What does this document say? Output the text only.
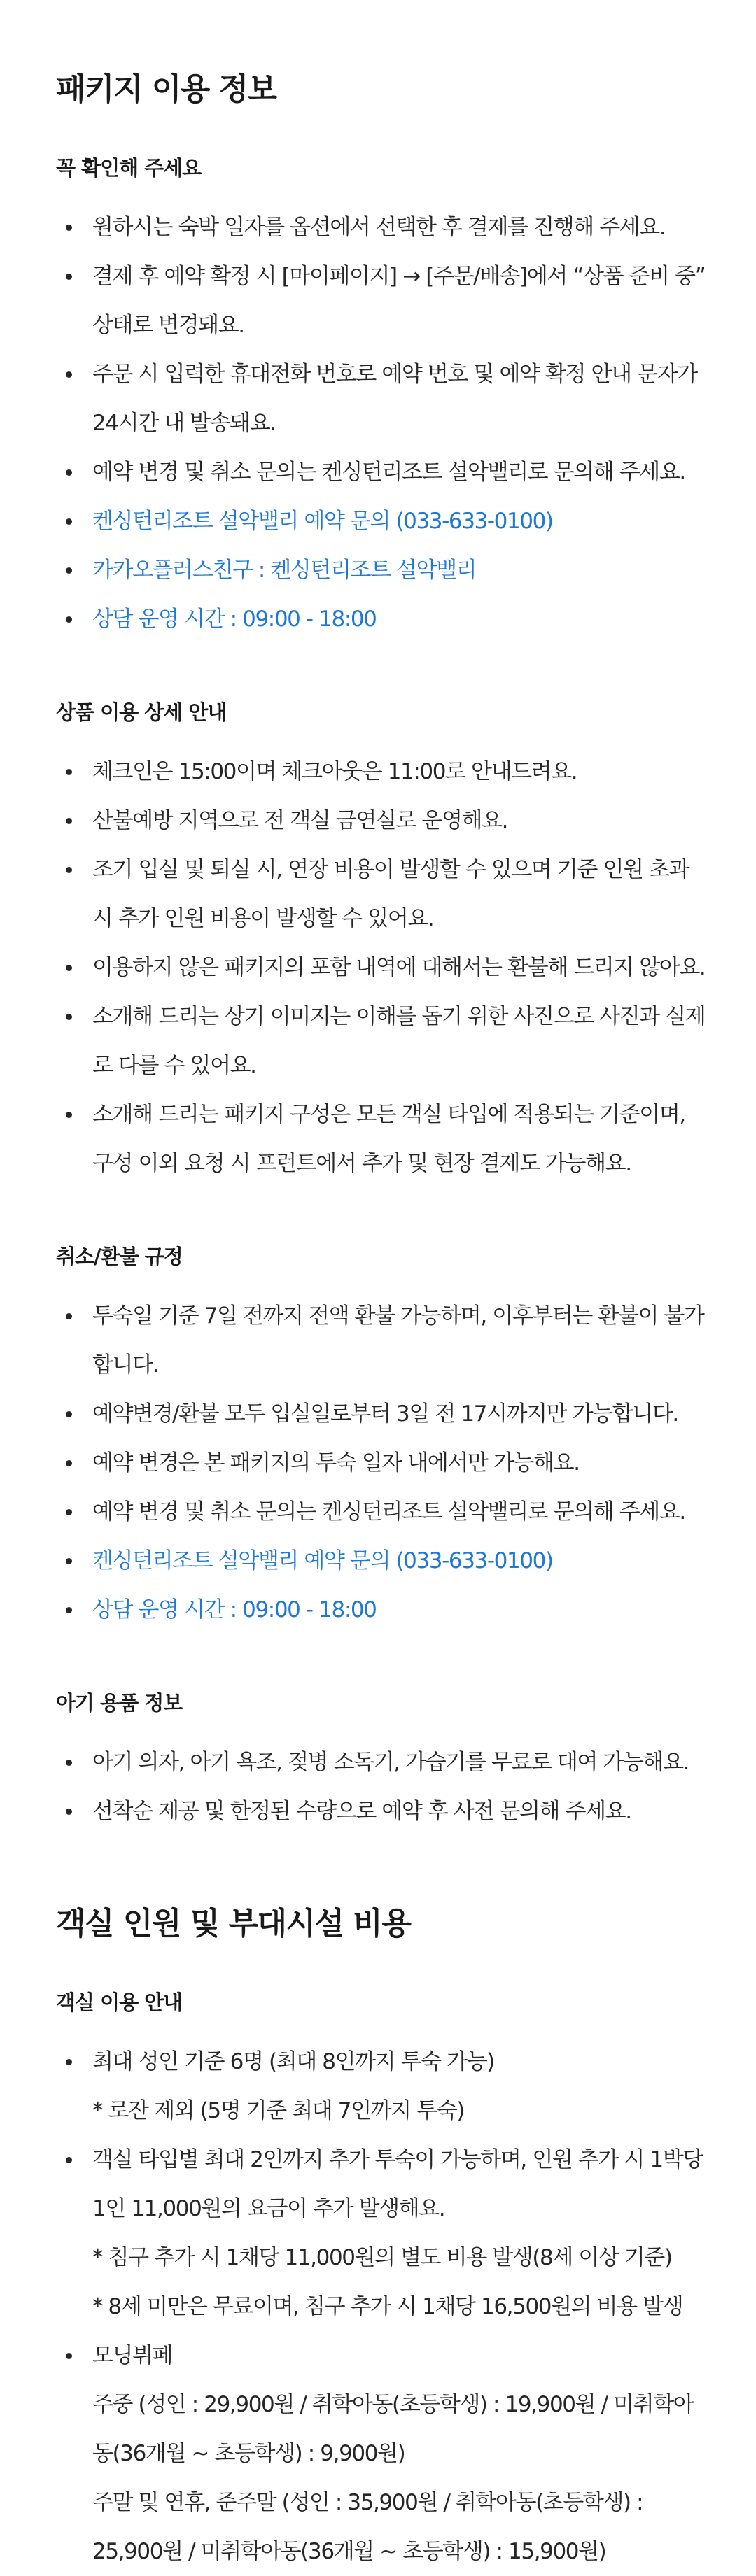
패키지 이용 정보
꼭 확인해 주세요
원하시는 숙박 일자를 옵션에서 선택한 후 결제를 진행해 주세요.
결제 후 예약 확정 시 [마이페이지] → [주문/배송]에서 “상품 준비 중” 상태로 변경돼요.
주문 시 입력한 휴대전화 번호로 예약 번호 및 예약 확정 안내 문자가 24시간 내 발송돼요.
예약 변경 및 취소 문의는 켄싱턴리조트 설악밸리로 문의해 주세요.
켄싱턴리조트 설악밸리 예약 문의 (033-633-0100)
카카오플러스친구 : 켄싱턴리조트 설악밸리
상담 운영 시간 : 09:00 - 18:00
상품 이용 상세 안내
체크인은 15:00이며 체크아웃은 11:00로 안내드려요.
산불예방 지역으로 전 객실 금연실로 운영해요.
조기 입실 및 퇴실 시, 연장 비용이 발생할 수 있으며 기준 인원 초과 시 추가 인원 비용이 발생할 수 있어요.
이용하지 않은 패키지의 포함 내역에 대해서는 환불해 드리지 않아요.
소개해 드리는 상기 이미지는 이해를 돕기 위한 사진으로 사진과 실제로 다를 수 있어요.
소개해 드리는 패키지 구성은 모든 객실 타입에 적용되는 기준이며, 구성 이외 요청 시 프런트에서 추가 및 현장 결제도 가능해요.
취소/환불 규정
투숙일 기준 7일 전까지 전액 환불 가능하며, 이후부터는 환불이 불가합니다.
예약변경/환불 모두 입실일로부터 3일 전 17시까지만 가능합니다.
예약 변경은 본 패키지의 투숙 일자 내에서만 가능해요.
예약 변경 및 취소 문의는 켄싱턴리조트 설악밸리로 문의해 주세요.
켄싱턴리조트 설악밸리 예약 문의 (033-633-0100)
상담 운영 시간 : 09:00 - 18:00
아기 용품 정보
아기 의자, 아기 욕조, 젖병 소독기, 가습기를 무료로 대여 가능해요.
선착순 제공 및 한정된 수량으로 예약 후 사전 문의해 주세요.
객실 인원 및 부대시설 비용
객실 이용 안내
최대 성인 기준 6명 (최대 8인까지 투숙 가능)
* 로잔 제외 (5명 기준 최대 7인까지 투숙)
객실 타입별 최대 2인까지 추가 투숙이 가능하며, 인원 추가 시 1박당 1인 11,000원의 요금이 추가 발생해요.
* 침구 추가 시 1채당 11,000원의 별도 비용 발생(8세 이상 기준)
* 8세 미만은 무료이며, 침구 추가 시 1채당 16,500원의 비용 발생
모닝뷔페
주중 (성인 : 29,900원 / 취학아동(초등학생) : 19,900원 / 미취학아동(36개월 ~ 초등학생) : 9,900원)
주말 및 연휴, 준주말 (성인 : 35,900원 / 취학아동(초등학생) : 25,900원 / 미취학아동(36개월 ~ 초등학생) : 15,900원)
